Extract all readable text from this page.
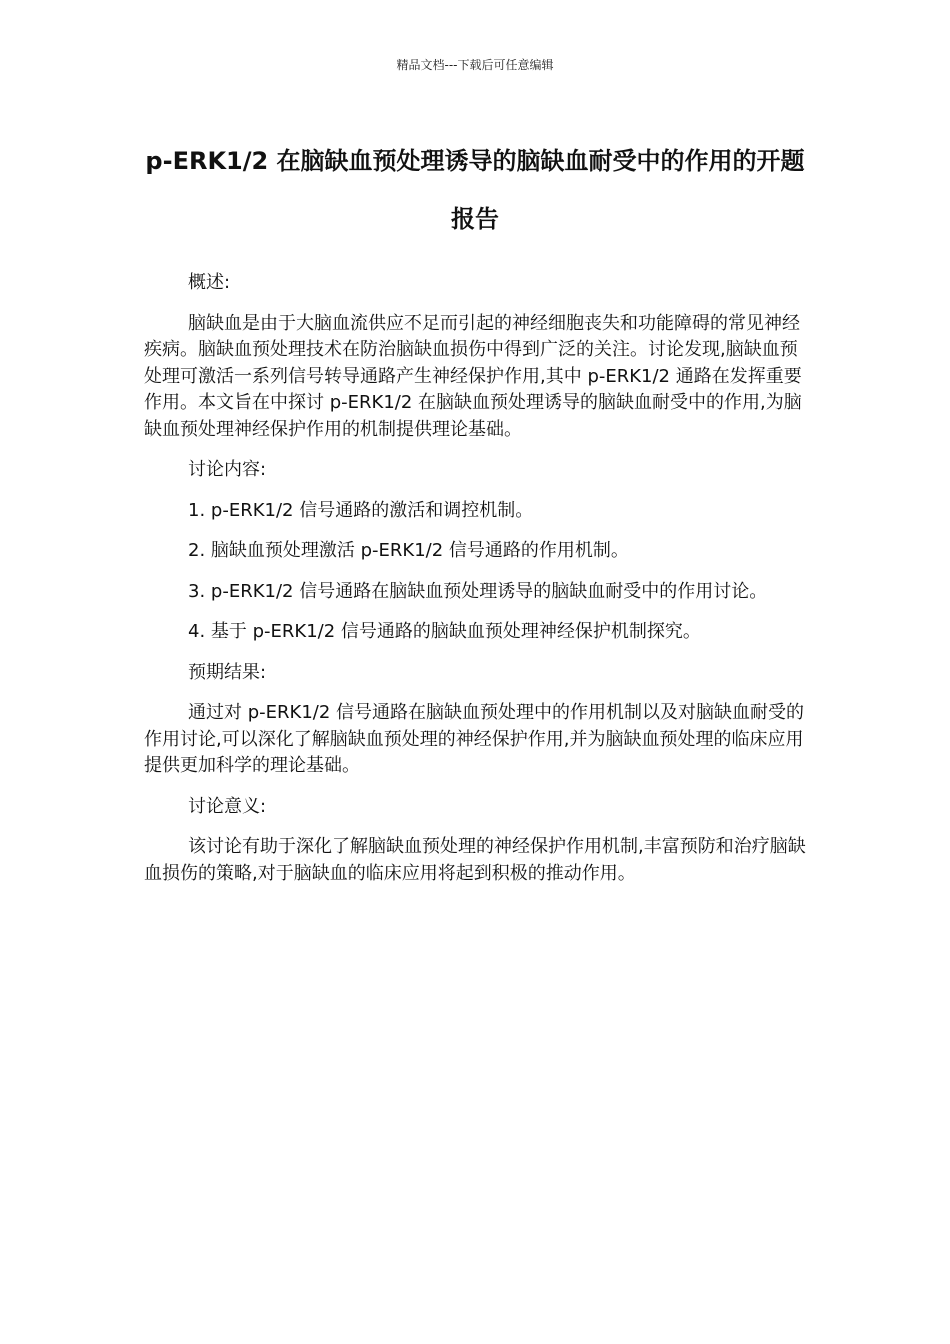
精品文档---下载后可任意编辑
p-ERK1/2 在脑缺血预处理诱导的脑缺血耐受中的作用的开题报告

概述:

脑缺血是由于大脑血流供应不足而引起的神经细胞丧失和功能障碍的常见神经疾病。脑缺血预处理技术在防治脑缺血损伤中得到广泛的关注。讨论发现,脑缺血预处理可激活一系列信号转导通路产生神经保护作用,其中 p-ERK1/2 通路在发挥重要作用。本文旨在中探讨 p-ERK1/2 在脑缺血预处理诱导的脑缺血耐受中的作用,为脑缺血预处理神经保护作用的机制提供理论基础。

讨论内容:

1. p-ERK1/2 信号通路的激活和调控机制。

2. 脑缺血预处理激活 p-ERK1/2 信号通路的作用机制。

3. p-ERK1/2 信号通路在脑缺血预处理诱导的脑缺血耐受中的作用讨论。

4. 基于 p-ERK1/2 信号通路的脑缺血预处理神经保护机制探究。

预期结果:

通过对 p-ERK1/2 信号通路在脑缺血预处理中的作用机制以及对脑缺血耐受的作用讨论,可以深化了解脑缺血预处理的神经保护作用,并为脑缺血预处理的临床应用提供更加科学的理论基础。

讨论意义:

该讨论有助于深化了解脑缺血预处理的神经保护作用机制,丰富预防和治疗脑缺血损伤的策略,对于脑缺血的临床应用将起到积极的推动作用。
